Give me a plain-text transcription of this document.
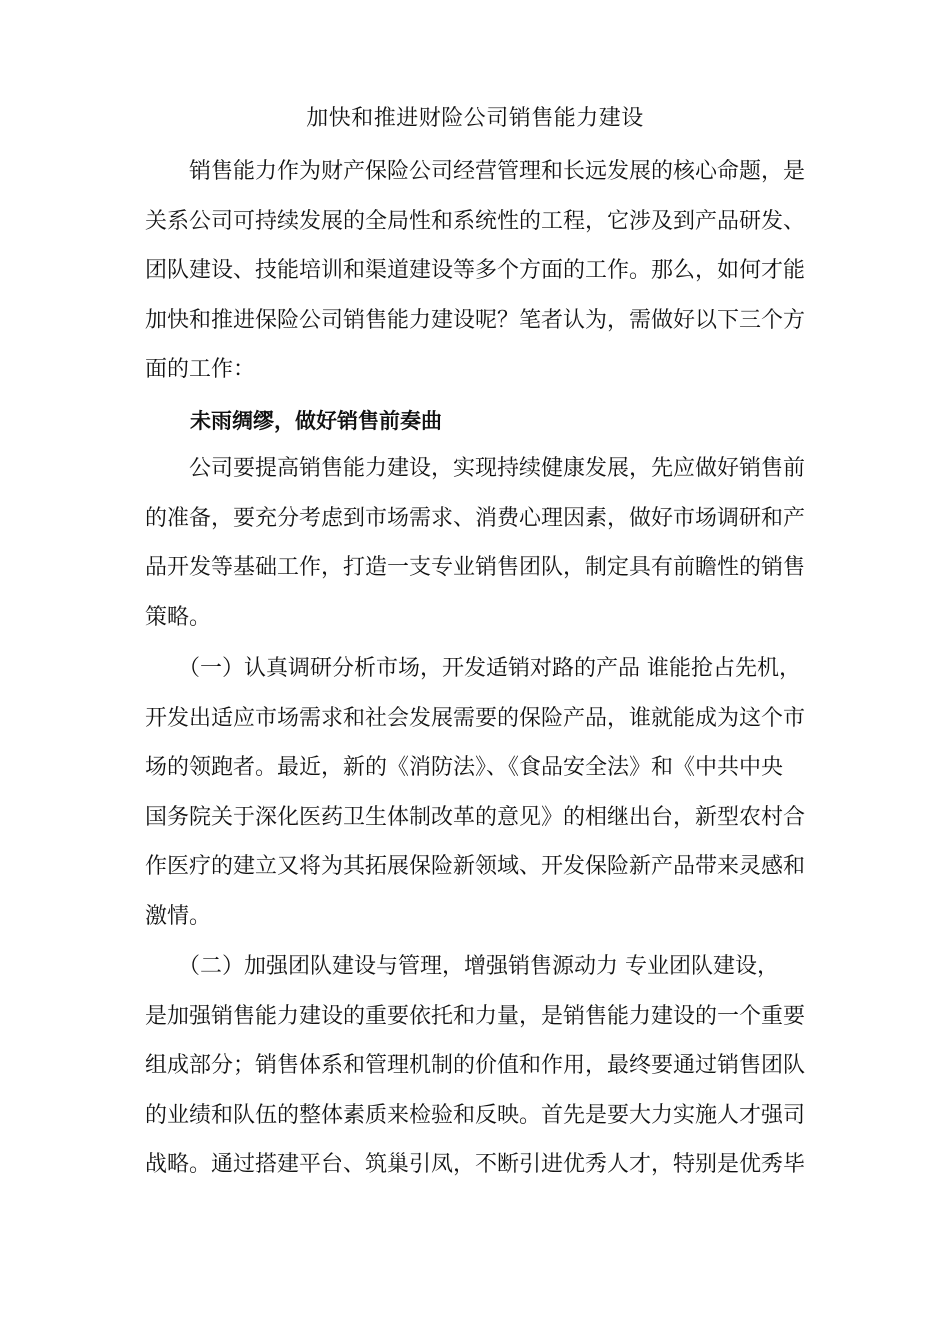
加快和推进财险公司销售能力建设
　　销售能力作为财产保险公司经营管理和长远发展的核心命题，是
关系公司可持续发展的全局性和系统性的工程，它涉及到产品研发、
团队建设、技能培训和渠道建设等多个方面的工作。那么，如何才能
加快和推进保险公司销售能力建设呢？笔者认为，需做好以下三个方
面的工作：
未雨绸缪，做好销售前奏曲
　　公司要提高销售能力建设，实现持续健康发展，先应做好销售前
的准备，要充分考虑到市场需求、消费心理因素，做好市场调研和产
品开发等基础工作，打造一支专业销售团队，制定具有前瞻性的销售
策略。
　　（一）认真调研分析市场，开发适销对路的产品 谁能抢占先机，
开发出适应市场需求和社会发展需要的保险产品，谁就能成为这个市
场的领跑者。最近，新的《消防法》、《食品安全法》和《中共中央
国务院关于深化医药卫生体制改革的意见》的相继出台，新型农村合
作医疗的建立又将为其拓展保险新领域、开发保险新产品带来灵感和
激情。
　　（二）加强团队建设与管理，增强销售源动力 专业团队建设，
是加强销售能力建设的重要依托和力量，是销售能力建设的一个重要
组成部分；销售体系和管理机制的价值和作用，最终要通过销售团队
的业绩和队伍的整体素质来检验和反映。首先是要大力实施人才强司
战略。通过搭建平台、筑巢引凤，不断引进优秀人才，特别是优秀毕
